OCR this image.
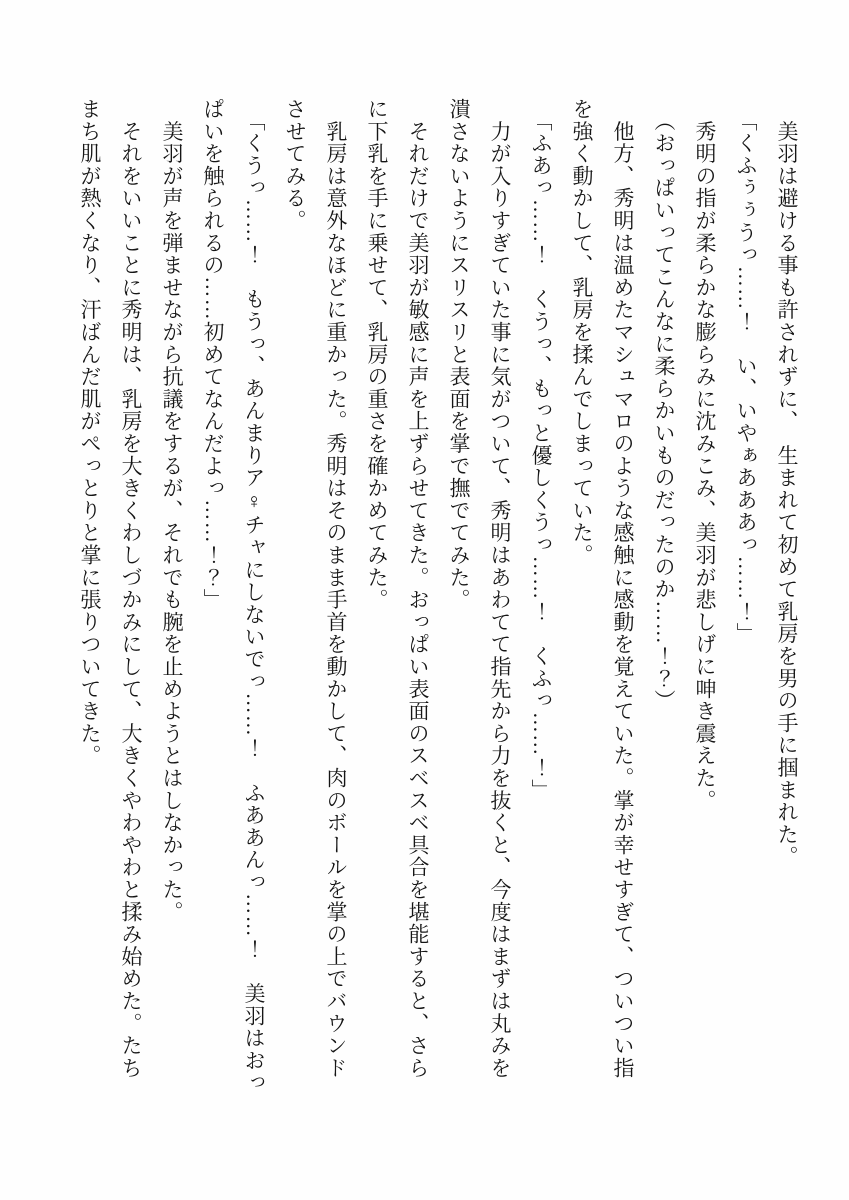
　美羽は避ける事も許されずに、　生まれて初めて乳房を男の手に掴まれた。

 「くふぅぅうっ……！　い、いやぁあああっ……！」

　秀明の指が柔らかな膨らみに沈みこみ、美羽が悲しげに呻き震えた。

 （おっぱいってこんなに柔らかいものだったのか……！？）

　他方、秀明は温めたマシュマロのような感触に感動を覚えていた。掌が幸せすぎて、ついつい指

を強く動かして、乳房を揉んでしまっていた。

 「ふあっ……！　くうっ、もっと優しくうっ……！　くふっ……！」

　力が入りすぎていた事に気がついて、秀明はあわてて指先から力を抜くと、今度はまずは丸みを

潰さないようにスリスリと表面を掌で撫でてみた。

　それだけで美羽が敏感に声を上ずらせてきた。おっぱい表面のスベスベ具合を堪能すると、さら

に下乳を手に乗せて、乳房の重さを確かめてみた。

　乳房は意外なほどに重かった。秀明はそのまま手首を動かして、肉のボールを掌の上でバウンド

させてみる。

 「くうっ……！　もうっ、あんまりア♀チャにしないでっ……！　ふああんっ……！　美羽はおっ

ぱいを触られるの……初めてなんだよっ……！？」

　美羽が声を弾ませながら抗議をするが、それでも腕を止めようとはしなかった。

　それをいいことに秀明は、乳房を大きくわしづかみにして、大きくやわやわと揉み始めた。たち

まち肌が熱くなり、汗ばんだ肌がぺっとりと掌に張りついてきた。
